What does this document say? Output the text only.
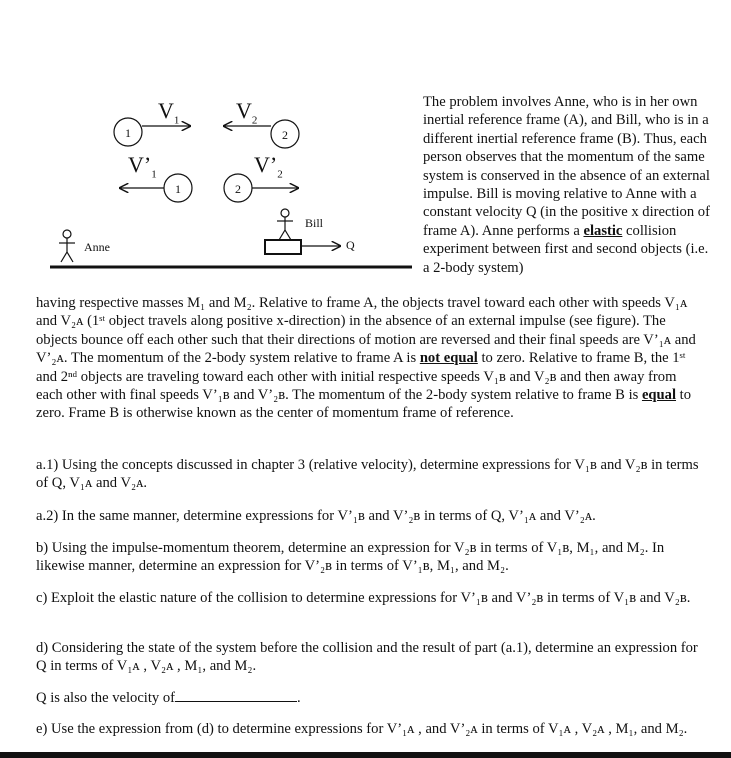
1	2
1	2
$V_1$	$V_2$
$V’_1$	$V’_2$
Anne
Bill
Q
The problem involves Anne, who is in her own inertial reference frame (A), and Bill, who is in a different inertial reference frame (B). Thus, each person observes that the momentum of the same system is conserved in the absence of an external impulse. Bill is moving relative to Anne with a constant velocity Q (in the positive x direction of frame A). Anne performs a elastic collision experiment between first and second objects (i.e. a 2-body system)
having respective masses M₁ and M₂. Relative to frame A, the objects travel toward each other with speeds V₁ᴀ and V₂ᴀ (1ˢᵗ object travels along positive x-direction) in the absence of an external impulse (see figure). The objects bounce off each other such that their directions of motion are reversed and their final speeds are V’₁ᴀ and V’₂ᴀ. The momentum of the 2-body system relative to frame A is not equal to zero. Relative to frame B, the 1ˢᵗ and 2ⁿᵈ objects are traveling toward each other with initial respective speeds V₁ʙ and V₂ʙ and then away from each other with final speeds V’₁ʙ and V’₂ʙ. The momentum of the 2-body system relative to frame B is equal to zero. Frame B is otherwise known as the center of momentum frame of reference.

a.1) Using the concepts discussed in chapter 3 (relative velocity), determine expressions for V₁ʙ and V₂ʙ in terms of Q, V₁ᴀ and V₂ᴀ.

a.2) In the same manner, determine expressions for V’₁ʙ and V’₂ʙ in terms of Q, V’₁ᴀ and V’₂ᴀ.

b) Using the impulse-momentum theorem, determine an expression for V₂ʙ in terms of V₁ʙ, M₁, and M₂. In likewise manner, determine an expression for V’₂ʙ in terms of V’₁ʙ, M₁, and M₂.

c) Exploit the elastic nature of the collision to determine expressions for V’₁ʙ and V’₂ʙ in terms of V₁ʙ and V₂ʙ.

d) Considering the state of the system before the collision and the result of part (a.1), determine an expression for Q in terms of V₁ᴀ , V₂ᴀ , M₁, and M₂.

Q is also the velocity of	.

e) Use the expression from (d) to determine expressions for V’₁ᴀ , and V’₂ᴀ in terms of V₁ᴀ , V₂ᴀ , M₁, and M₂.
